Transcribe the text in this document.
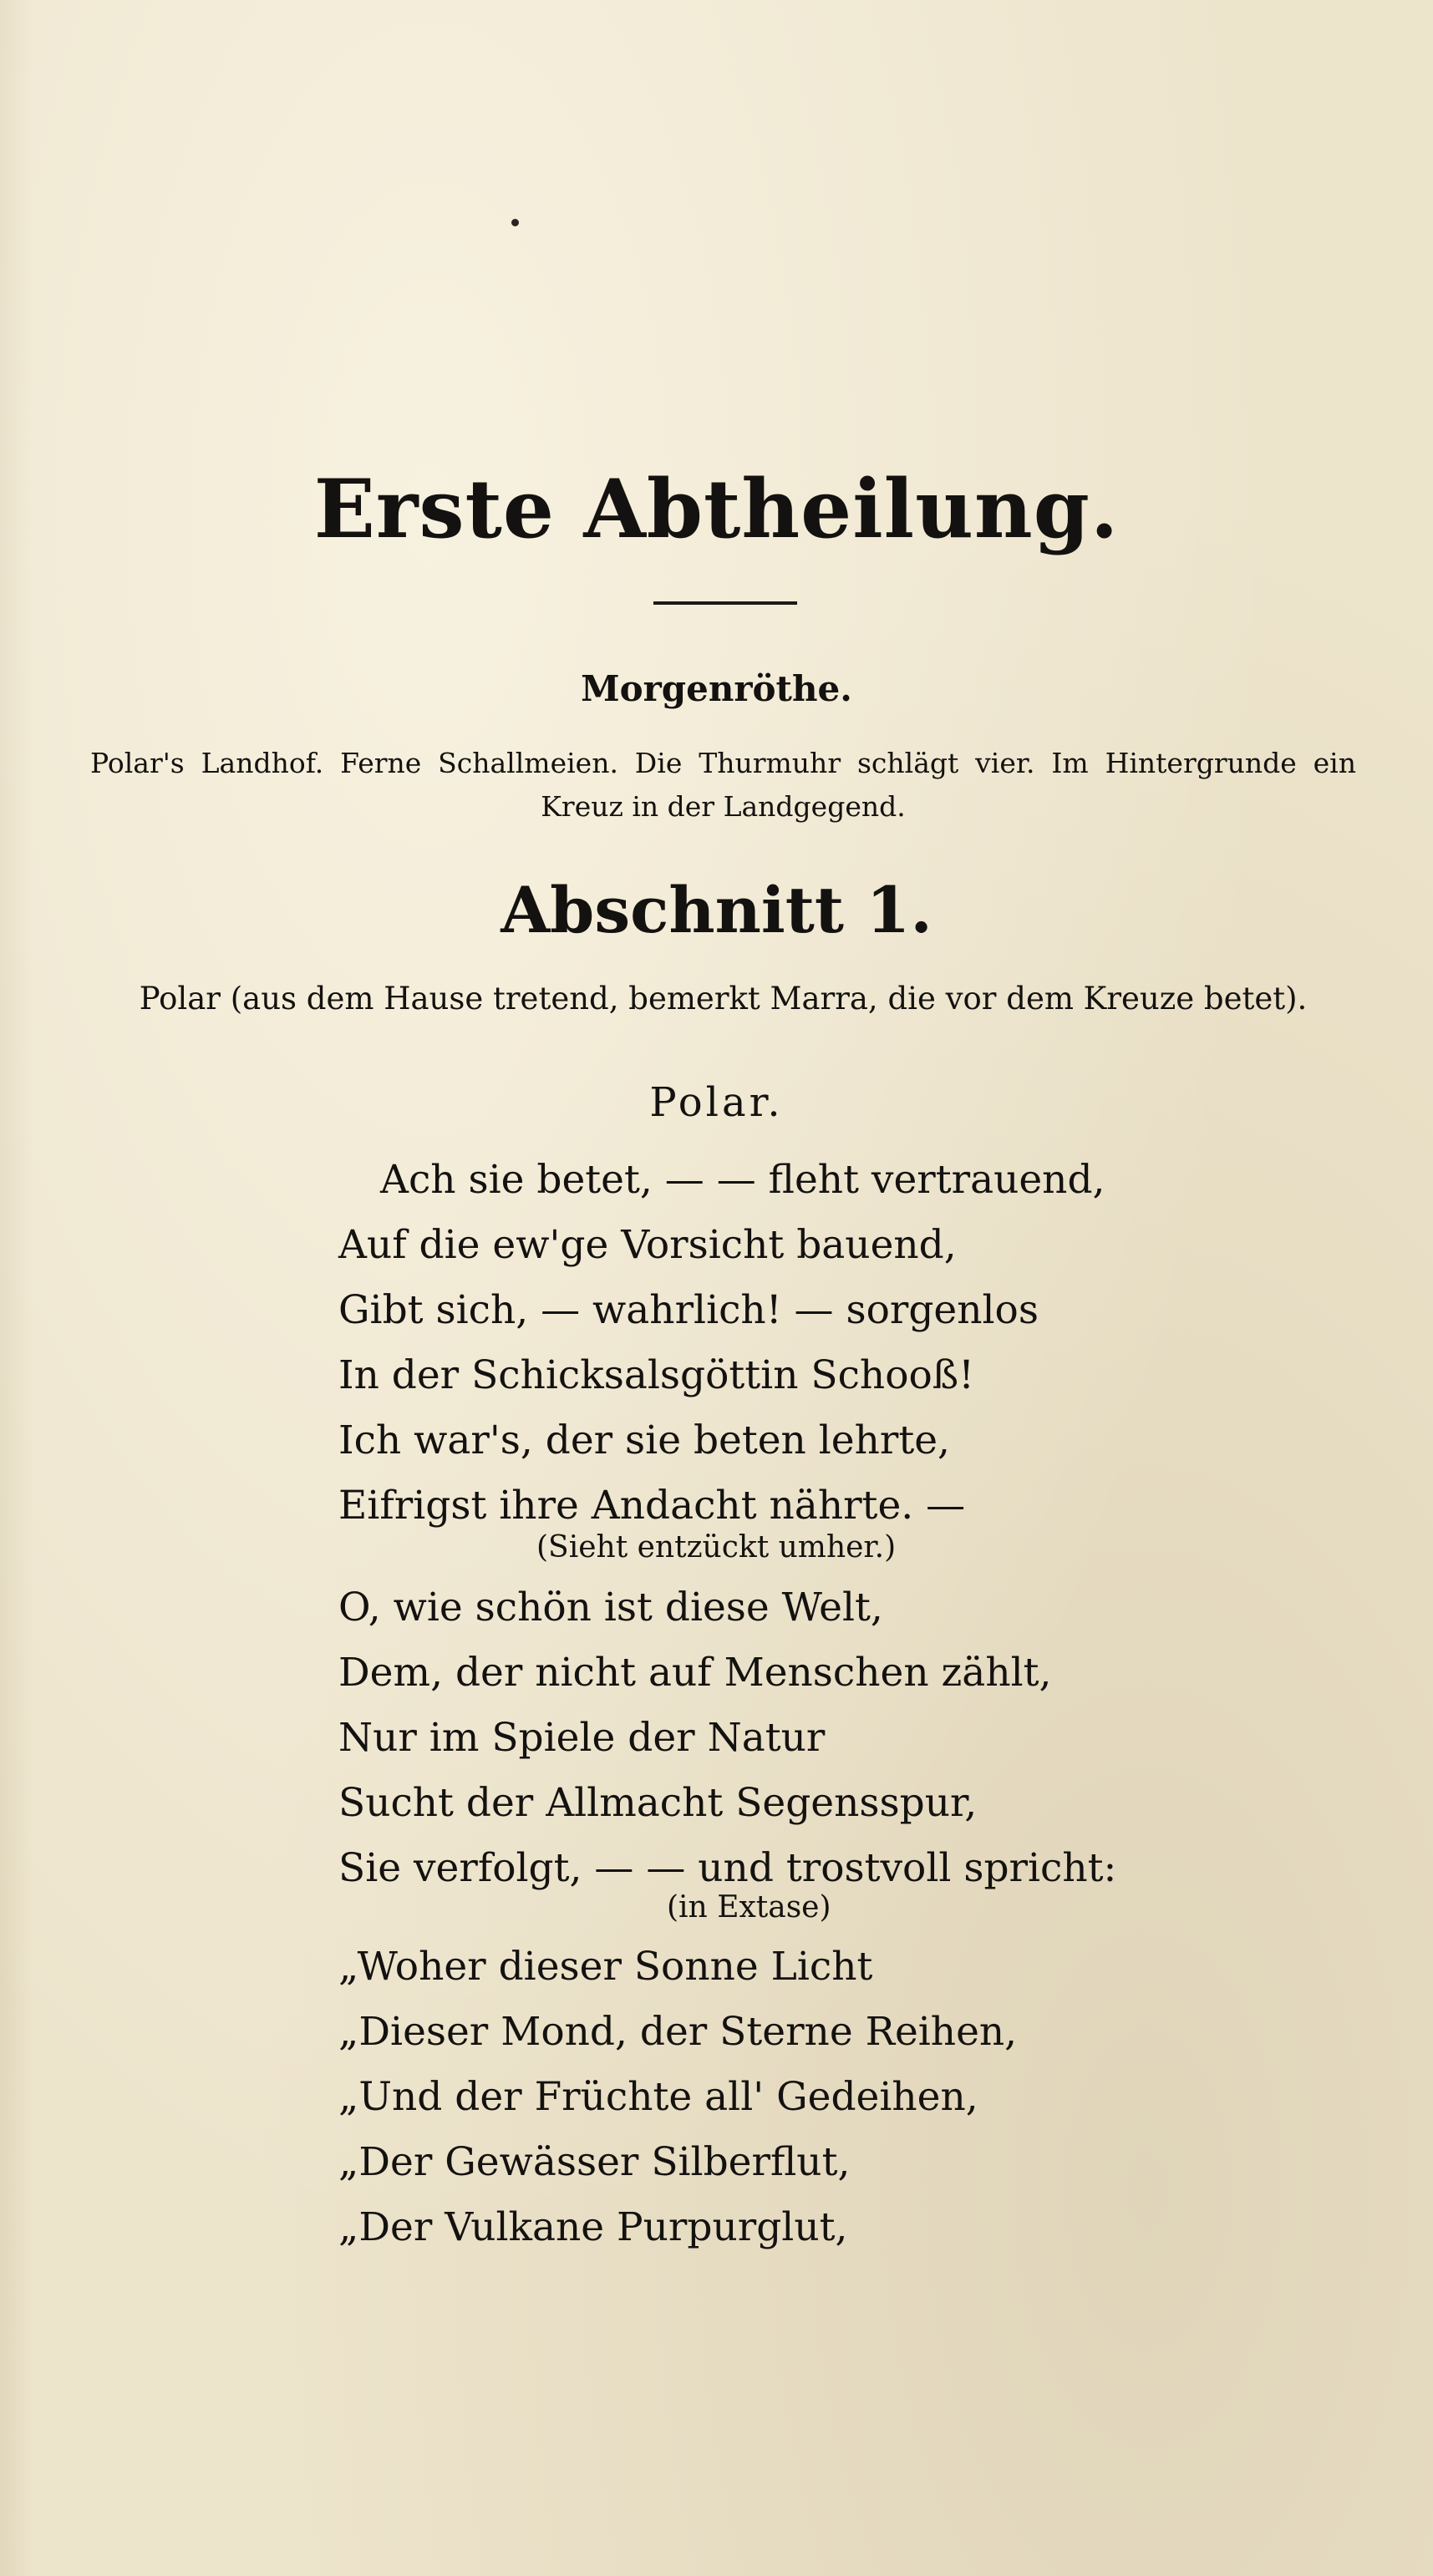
Erste Abtheilung.
Morgenröthe.
Polar's Landhof. Ferne Schallmeien. Die Thurmuhr schlägt vier. Im Hintergrunde ein Kreuz in der Landgegend.
Abschnitt 1.
Polar (aus dem Hause tretend, bemerkt Marra, die vor dem Kreuze betet).
Polar.
Ach sie betet, — — fleht vertrauend,
Auf die ew'ge Vorsicht bauend,
Gibt sich, — wahrlich! — sorgenlos
In der Schicksalsgöttin Schooß!
Ich war's, der sie beten lehrte,
Eifrigst ihre Andacht nährte. —
(Sieht entzückt umher.)
O, wie schön ist diese Welt,
Dem, der nicht auf Menschen zählt,
Nur im Spiele der Natur
Sucht der Allmacht Segensspur,
Sie verfolgt, — — und trostvoll spricht:
(in Extase)
„Woher dieser Sonne Licht
„Dieser Mond, der Sterne Reihen,
„Und der Früchte all' Gedeihen,
„Der Gewässer Silberflut,
„Der Vulkane Purpurglut,
